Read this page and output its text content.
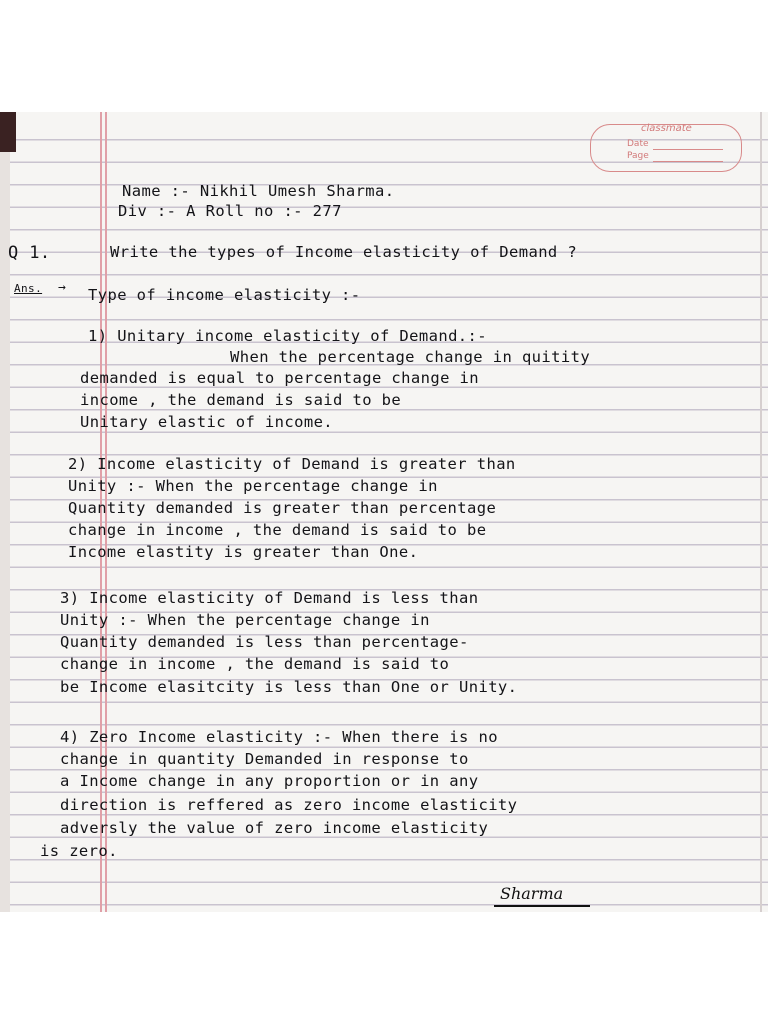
classmate
Date
Page

Name :- Nikhil Umesh Sharma.

Div :- A Roll no :- 277

Q 1.	Write the types of Income elasticity of Demand ?

Ans. → Type of income elasticity :-

1) Unitary income elasticity of Demand.:-

When the percentage change in quitity

demanded is equal to percentage change in

income , the demand is said to be

Unitary elastic of income.

2) Income elasticity of Demand is greater than

Unity :- When the percentage change in

Quantity demanded is greater than percentage

change in income , the demand is said to be

Income elastity is greater than One.

3) Income elasticity of Demand is less than

Unity :- When the percentage change in

Quantity demanded is less than percentage-

change in income , the demand is said to

be Income elasitcity is less than One or Unity.

4) Zero Income elasticity :- When there is no

change in quantity Demanded in response to

a Income change in any proportion or in any

direction is reffered as zero income elasticity

adversly the value of zero income elasticity

is zero.

Sharma
